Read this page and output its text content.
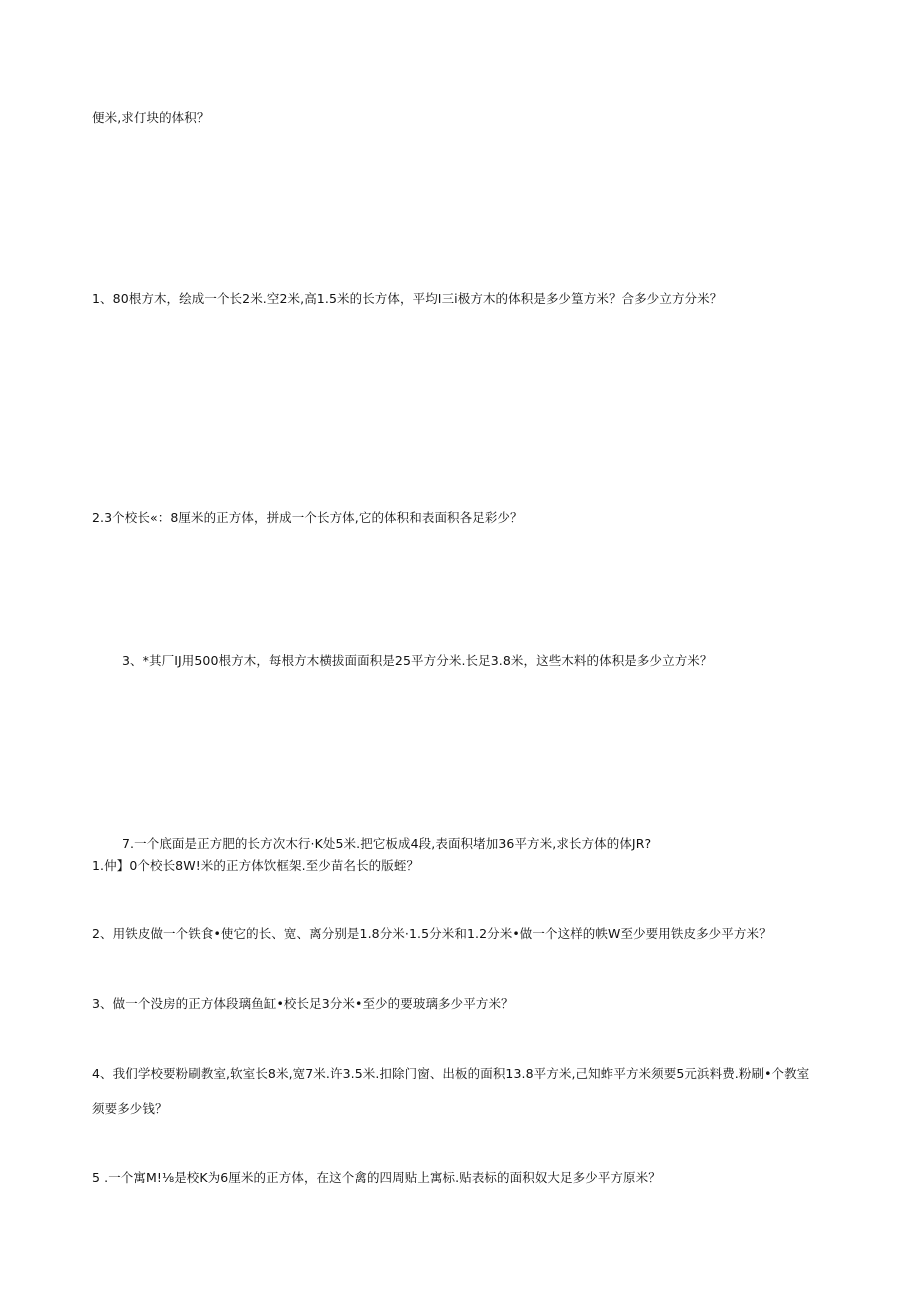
便米,求仃块的体积？
1、80根方木，绘成一个长2米.空2米,高1.5米的长方体，平均I三i极方木的体积是多少篁方米？合多少立方分米？
2.3个校长«：8厘米的正方体，拼成一个长方体,它的体积和表面积各足彩少？
3、*其厂IJ用500根方木，每根方木横拔面面积是25平方分米.长足3.8米，这些木料的体积是多少立方米？
7.一个底面是正方肥的长方次木行·K处5米.把它板成4段,表面积堵加36平方米,求长方体的体JR?
1.仲】0个校长8W!米的正方体饮框架.至少苗名长的版蛭？
2、用铁皮做一个铁食•使它的长、宽、离分别是1.8分米·1.5分米和1.2分米•做一个这样的帙W至少要用铁皮多少平方米？
3、做一个没房的正方体段璃鱼缸•校长足3分米•至少的要玻璃多少平方米？
4、我们学校要粉刷教室,软室长8米,宽7米.许3.5米.扣除门窗、出板的面积13.8平方米,己知蚱平方米须要5元浜料费.粉刷•个教室
须要多少钱？
5 .一个寓M!⅛是校K为6厘米的正方体，在这个禽的四周贴上寓标.贴表标的面积奴大足多少平方原米？
